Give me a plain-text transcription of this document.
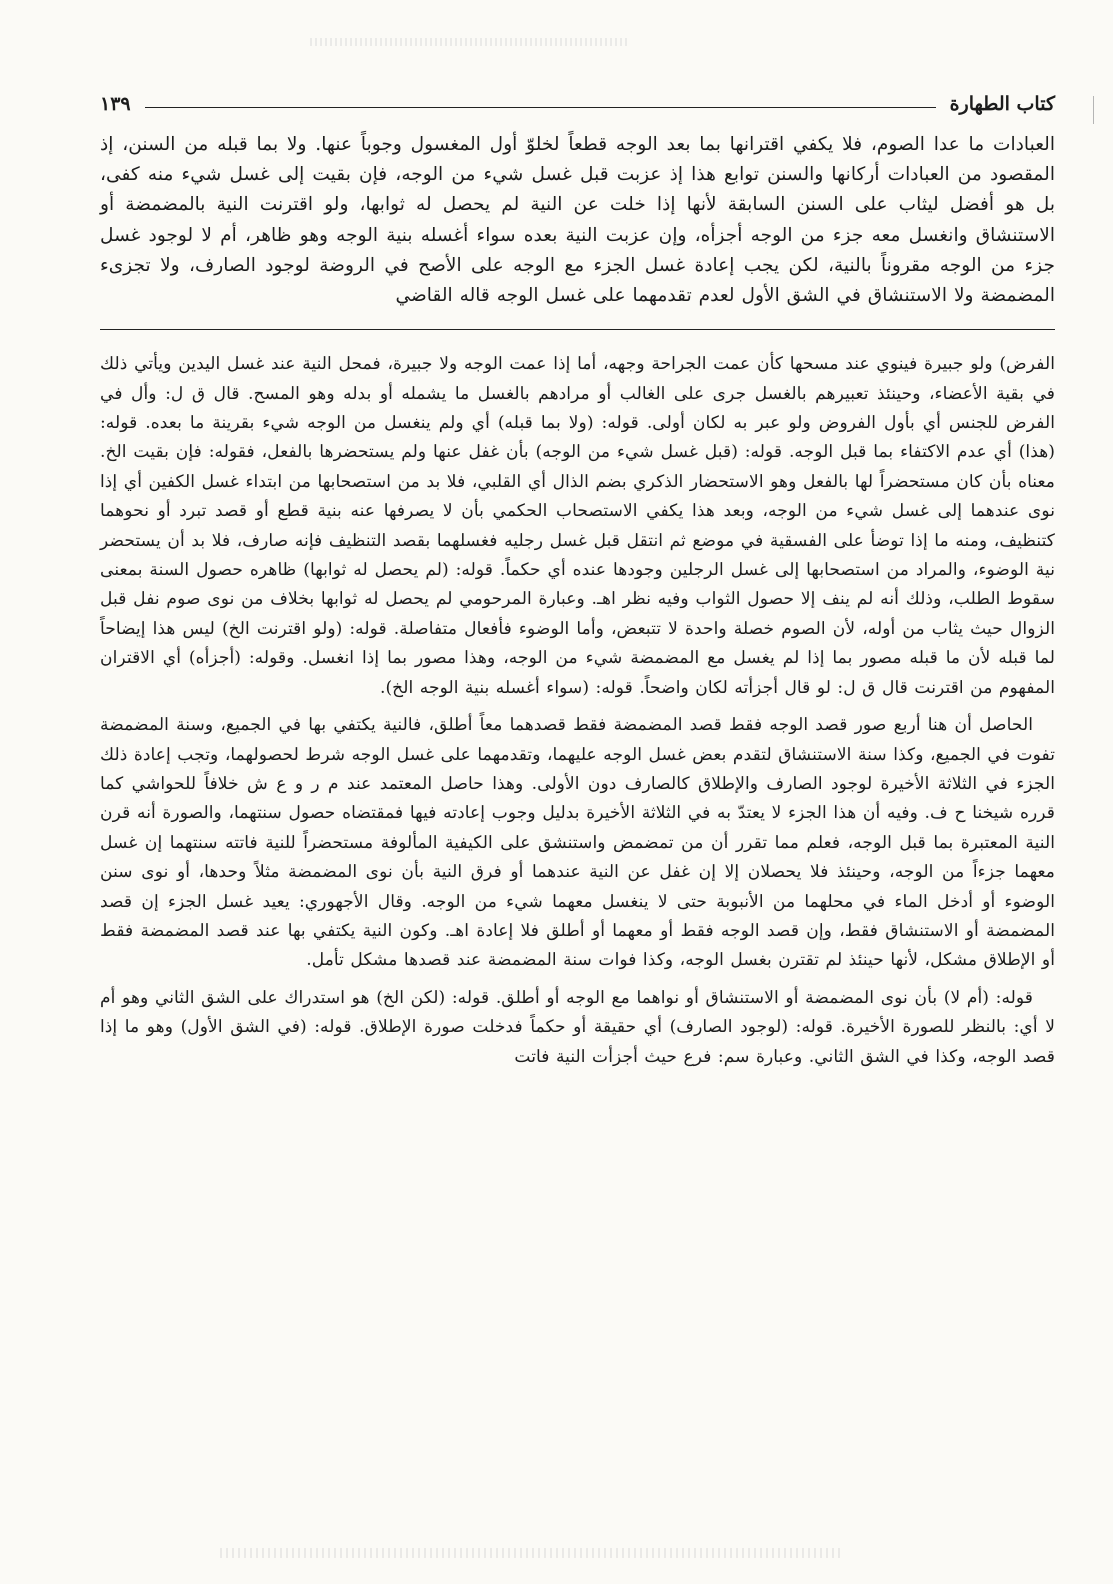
كتاب الطهارة
١٣٩

العبادات ما عدا الصوم، فلا يكفي اقترانها بما بعد الوجه قطعاً لخلوّ أول المغسول وجوباً عنها. ولا بما قبله من السنن، إذ المقصود من العبادات أركانها والسنن توابع هذا إذ عزبت قبل غسل شيء من الوجه، فإن بقيت إلى غسل شيء منه كفى، بل هو أفضل ليثاب على السنن السابقة لأنها إذا خلت عن النية لم يحصل له ثوابها، ولو اقترنت النية بالمضمضة أو الاستنشاق وانغسل معه جزء من الوجه أجزأه، وإن عزبت النية بعده سواء أغسله بنية الوجه وهو ظاهر، أم لا لوجود غسل جزء من الوجه مقروناً بالنية، لكن يجب إعادة غسل الجزء مع الوجه على الأصح في الروضة لوجود الصارف، ولا تجزىء المضمضة ولا الاستنشاق في الشق الأول لعدم تقدمهما على غسل الوجه قاله القاضي

الفرض) ولو جبيرة فينوي عند مسحها كأن عمت الجراحة وجهه، أما إذا عمت الوجه ولا جبيرة، فمحل النية عند غسل اليدين ويأتي ذلك في بقية الأعضاء، وحينئذ تعبيرهم بالغسل جرى على الغالب أو مرادهم بالغسل ما يشمله أو بدله وهو المسح. قال ق ل: وأل في الفرض للجنس أي بأول الفروض ولو عبر به لكان أولى. قوله: (ولا بما قبله) أي ولم ينغسل من الوجه شيء بقرينة ما بعده. قوله: (هذا) أي عدم الاكتفاء بما قبل الوجه. قوله: (قبل غسل شيء من الوجه) بأن غفل عنها ولم يستحضرها بالفعل، فقوله: فإن بقيت الخ. معناه بأن كان مستحضراً لها بالفعل وهو الاستحضار الذكري بضم الذال أي القلبي، فلا بد من استصحابها من ابتداء غسل الكفين أي إذا نوى عندهما إلى غسل شيء من الوجه، وبعد هذا يكفي الاستصحاب الحكمي بأن لا يصرفها عنه بنية قطع أو قصد تبرد أو نحوهما كتنظيف، ومنه ما إذا توضأ على الفسقية في موضع ثم انتقل قبل غسل رجليه فغسلهما بقصد التنظيف فإنه صارف، فلا بد أن يستحضر نية الوضوء، والمراد من استصحابها إلى غسل الرجلين وجودها عنده أي حكماً. قوله: (لم يحصل له ثوابها) ظاهره حصول السنة بمعنى سقوط الطلب، وذلك أنه لم ينف إلا حصول الثواب وفيه نظر اهـ. وعبارة المرحومي لم يحصل له ثوابها بخلاف من نوى صوم نفل قبل الزوال حيث يثاب من أوله، لأن الصوم خصلة واحدة لا تتبعض، وأما الوضوء فأفعال متفاصلة. قوله: (ولو اقترنت الخ) ليس هذا إيضاحاً لما قبله لأن ما قبله مصور بما إذا لم يغسل مع المضمضة شيء من الوجه، وهذا مصور بما إذا انغسل. وقوله: (أجزأه) أي الاقتران المفهوم من اقترنت قال ق ل: لو قال أجزأته لكان واضحاً. قوله: (سواء أغسله بنية الوجه الخ).

الحاصل أن هنا أربع صور قصد الوجه فقط قصد المضمضة فقط قصدهما معاً أطلق، فالنية يكتفي بها في الجميع، وسنة المضمضة تفوت في الجميع، وكذا سنة الاستنشاق لتقدم بعض غسل الوجه عليهما، وتقدمهما على غسل الوجه شرط لحصولهما، وتجب إعادة ذلك الجزء في الثلاثة الأخيرة لوجود الصارف والإطلاق كالصارف دون الأولى. وهذا حاصل المعتمد عند م ر و ع ش خلافاً للحواشي كما قرره شيخنا ح ف. وفيه أن هذا الجزء لا يعتدّ به في الثلاثة الأخيرة بدليل وجوب إعادته فيها فمقتضاه حصول سنتهما، والصورة أنه قرن النية المعتبرة بما قبل الوجه، فعلم مما تقرر أن من تمضمض واستنشق على الكيفية المألوفة مستحضراً للنية فاتته سنتهما إن غسل معهما جزءاً من الوجه، وحينئذ فلا يحصلان إلا إن غفل عن النية عندهما أو فرق النية بأن نوى المضمضة مثلاً وحدها، أو نوى سنن الوضوء أو أدخل الماء في محلهما من الأنبوبة حتى لا ينغسل معهما شيء من الوجه. وقال الأجهوري: يعيد غسل الجزء إن قصد المضمضة أو الاستنشاق فقط، وإن قصد الوجه فقط أو معهما أو أطلق فلا إعادة اهـ. وكون النية يكتفي بها عند قصد المضمضة فقط أو الإطلاق مشكل، لأنها حينئذ لم تقترن بغسل الوجه، وكذا فوات سنة المضمضة عند قصدها مشكل تأمل.

قوله: (أم لا) بأن نوى المضمضة أو الاستنشاق أو نواهما مع الوجه أو أطلق. قوله: (لكن الخ) هو استدراك على الشق الثاني وهو أم لا أي: بالنظر للصورة الأخيرة. قوله: (لوجود الصارف) أي حقيقة أو حكماً فدخلت صورة الإطلاق. قوله: (في الشق الأول) وهو ما إذا قصد الوجه، وكذا في الشق الثاني. وعبارة سم: فرع حيث أجزأت النية فاتت
